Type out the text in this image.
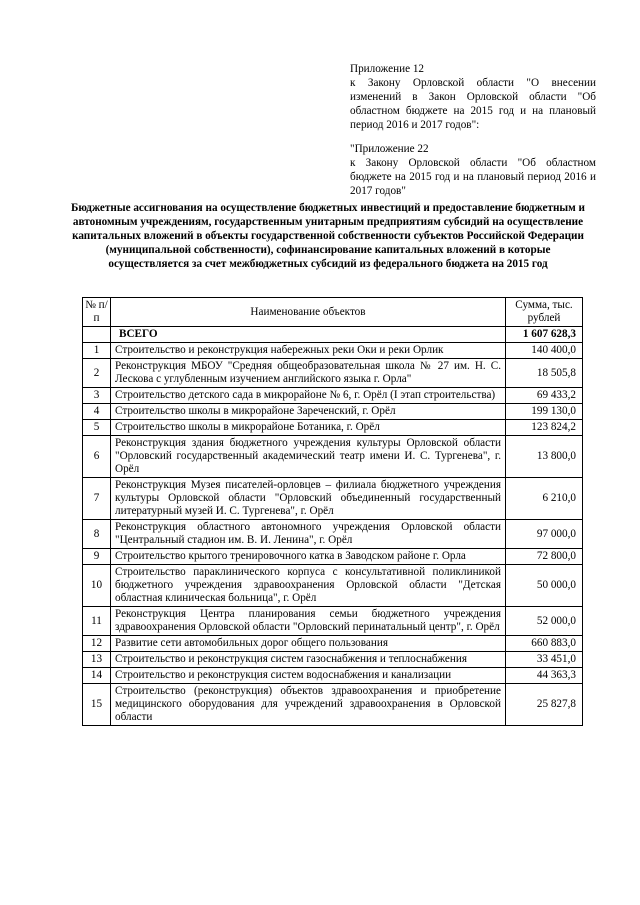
Приложение 12

к Закону Орловской области "О внесении изменений в Закон Орловской области "Об областном бюджете на 2015 год и на плановый период 2016 и 2017 годов":

"Приложение 22

к Закону Орловской области "Об областном бюджете на 2015 год и на плановый период 2016 и 2017 годов"

Бюджетные ассигнования на осуществление бюджетных инвестиций и предоставление бюджетным и автономным учреждениям, государственным унитарным предприятиям субсидий на осуществление капитальных вложений в объекты государственной собственности субъектов Российской Федерации (муниципальной собственности), софинансирование капитальных вложений в которые осуществляется за счет межбюджетных субсидий из федерального бюджета на 2015 год

№ п/п	Наименование объектов	Сумма, тыс. рублей
	ВСЕГО	1 607 628,3
1	Строительство и реконструкция набережных реки Оки и реки Орлик	140 400,0
2	Реконструкция МБОУ "Средняя общеобразовательная школа № 27 им. Н. С. Лескова с углубленным изучением английского языка г. Орла"	18 505,8
3	Строительство детского сада в микрорайоне № 6, г. Орёл (I этап строительства)	69 433,2
4	Строительство школы в микрорайоне Зареченский, г. Орёл	199 130,0
5	Строительство школы в микрорайоне Ботаника, г. Орёл	123 824,2
6	Реконструкция здания бюджетного учреждения культуры Орловской области "Орловский государственный академический театр имени И. С. Тургенева", г. Орёл	13 800,0
7	Реконструкция Музея писателей-орловцев – филиала бюджетного учреждения культуры Орловской области "Орловский объединенный государственный литературный музей И. С. Тургенева", г. Орёл	6 210,0
8	Реконструкция областного автономного учреждения Орловской области "Центральный стадион им. В. И. Ленина", г. Орёл	97 000,0
9	Строительство крытого тренировочного катка в Заводском районе г. Орла	72 800,0
10	Строительство параклинического корпуса с консультативной поликлиникой бюджетного учреждения здравоохранения Орловской области "Детская областная клиническая больница", г. Орёл	50 000,0
11	Реконструкция Центра планирования семьи бюджетного учреждения здравоохранения Орловской области "Орловский перинатальный центр", г. Орёл	52 000,0
12	Развитие сети автомобильных дорог общего пользования	660 883,0
13	Строительство и реконструкция систем газоснабжения и теплоснабжения	33 451,0
14	Строительство и реконструкция систем водоснабжения и канализации	44 363,3
15	Строительство (реконструкция) объектов здравоохранения и приобретение медицинского оборудования для учреждений здравоохранения в Орловской области	25 827,8
